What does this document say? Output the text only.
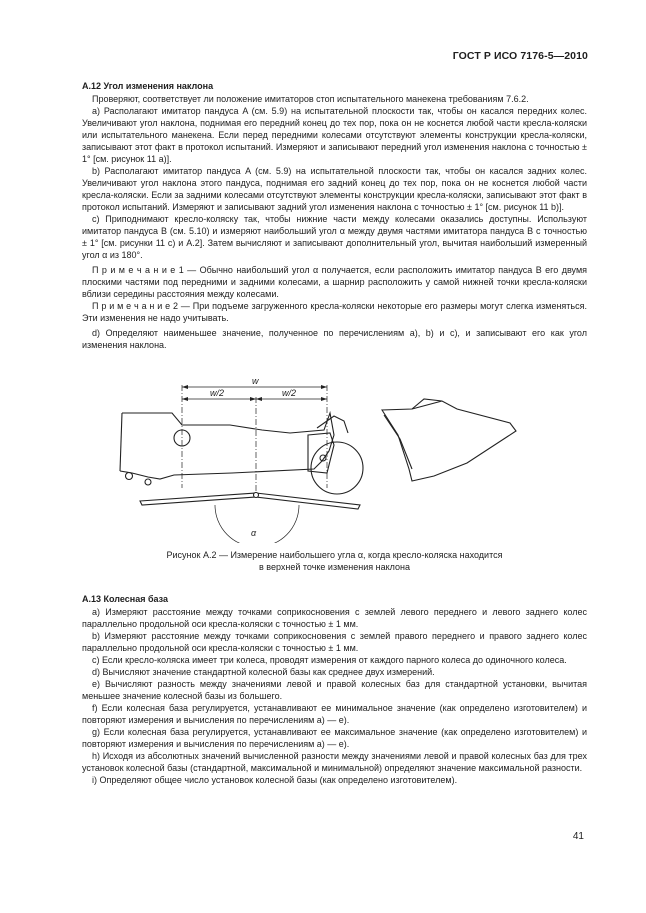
ГОСТ Р ИСО 7176-5—2010
А.12 Угол изменения наклона

Проверяют, соответствует ли положение имитаторов стоп испытательного манекена требованиям 7.6.2.

a) Располагают имитатор пандуса A (см. 5.9) на испытательной плоскости так, чтобы он касался передних колес. Увеличивают угол наклона, поднимая его передний конец до тех пор, пока он не коснется любой части кресла-коляски или испытательного манекена. Если перед передними колесами отсутствуют элементы конструкции кресла-коляски, записывают этот факт в протокол испытаний. Измеряют и записывают передний угол изменения наклона с точностью ± 1° [см. рисунок 11 а)].

b) Располагают имитатор пандуса A (см. 5.9) на испытательной плоскости так, чтобы он касался задних колес. Увеличивают угол наклона этого пандуса, поднимая его задний конец до тех пор, пока он не коснется любой части кресла-коляски. Если за задними колесами отсутствуют элементы конструкции кресла-коляски, записывают этот факт в протокол испытаний. Измеряют и записывают задний угол изменения наклона с точностью ± 1° [см. рисунок 11 b)].

c) Приподнимают кресло-коляску так, чтобы нижние части между колесами оказались доступны. Используют имитатор пандуса B (см. 5.10) и измеряют наибольший угол α между двумя частями имитатора пандуса B с точностью ± 1° [см. рисунки 11 с) и А.2]. Затем вычисляют и записывают дополнительный угол, вычитая наибольший измеренный угол α из 180°.

П р и м е ч а н и е 1 — Обычно наибольший угол α получается, если расположить имитатор пандуса B его двумя плоскими частями под передними и задними колесами, а шарнир расположить у самой нижней точки кресла-коляски вблизи середины расстояния между колесами.

П р и м е ч а н и е 2 — При подъеме загруженного кресла-коляски некоторые его размеры могут слегка изменяться. Эти изменения не надо учитывать.

d) Определяют наименьшее значение, полученное по перечислениям a), b) и c), и записывают его как угол изменения наклона.

w
w/2	w/2
α
Рисунок А.2 — Измерение наибольшего угла α, когда кресло-коляска находится
в верхней точке изменения наклона
А.13 Колесная база

a) Измеряют расстояние между точками соприкосновения с землей левого переднего и левого заднего колес параллельно продольной оси кресла-коляски с точностью ± 1 мм.

b) Измеряют расстояние между точками соприкосновения с землей правого переднего и правого заднего колес параллельно продольной оси кресла-коляски с точностью ± 1 мм.

c) Если кресло-коляска имеет три колеса, проводят измерения от каждого парного колеса до одиночного колеса.

d) Вычисляют значение стандартной колесной базы как среднее двух измерений.

e) Вычисляют разность между значениями левой и правой колесных баз для стандартной установки, вычитая меньшее значение колесной базы из большего.

f) Если колесная база регулируется, устанавливают ее минимальное значение (как определено изготовителем) и повторяют измерения и вычисления по перечислениям a) — e).

g) Если колесная база регулируется, устанавливают ее максимальное значение (как определено изготовителем) и повторяют измерения и вычисления по перечислениям a) — e).

h) Исходя из абсолютных значений вычисленной разности между значениями левой и правой колесных баз для трех установок колесной базы (стандартной, максимальной и минимальной) определяют значение максимальной разности.

i) Определяют общее число установок колесной базы (как определено изготовителем).

41
